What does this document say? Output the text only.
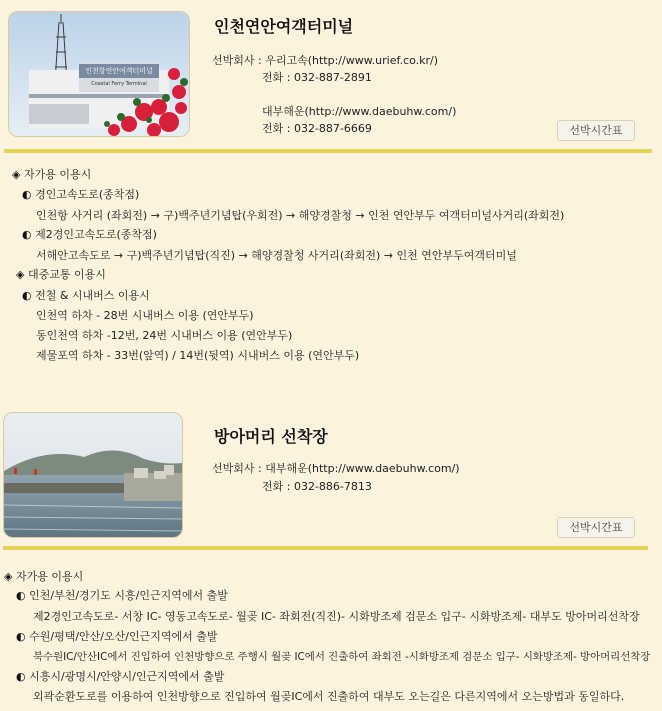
인천항연안여객터미널
Coastal Ferry Terminal
인천연안여객터미널
선박회사 : 우리고속(http://www.urief.co.kr/)
전화 : 032-887-2891
대부해운(http://www.daebuhw.com/)
전화 : 032-887-6669	선박시간표
◈ 자가용 이용시
◐ 경인고속도로(종착점)
인천항 사거리 (좌회전) → 구)백주년기념탑(우회전) → 해양경찰청 → 인천 연안부두 여객터미널사거리(좌회전)
◐ 제2경인고속도로(종착점)
서해안고속도로 → 구)백주년기념탑(직진) → 해양경찰청 사거리(좌회전) → 인천 연안부두여객터미널
◈ 대중교통 이용시
◐ 전철 & 시내버스 이용시
인천역 하차 - 28번 시내버스 이용 (연안부두)
동인천역 하차 -12번, 24번 시내버스 이용 (연안부두)
제물포역 하차 - 33번(앞역) / 14번(뒷역) 시내버스 이용 (연안부두)
방아머리 선착장
선박회사 : 대부해운(http://www.daebuhw.com/)
전화 : 032-886-7813
선박시간표
◈ 자가용 이용시
◐ 인천/부천/경기도 시흥/인근지역에서 출발
제2경인고속도로- 서창 IC- 영동고속도로- 월곶 IC- 좌회전(직진)- 시화방조제 검문소 입구- 시화방조제- 대부도 방아머리선착장
◐ 수원/평택/안산/오산/인근지역에서 출발
북수원IC/안산IC에서 진입하여 인천방향으로 주행시 월곶 IC에서 진출하여 좌회전 -시화방조제 검문소 입구- 시화방조제- 방아머리선착장
◐ 시흥시/광명시/안양시/인근지역에서 출발
외곽순환도로를 이용하여 인천방향으로 진입하여 월곶IC에서 진출하여 대부도 오는길은 다른지역에서 오는방법과 동일하다.
